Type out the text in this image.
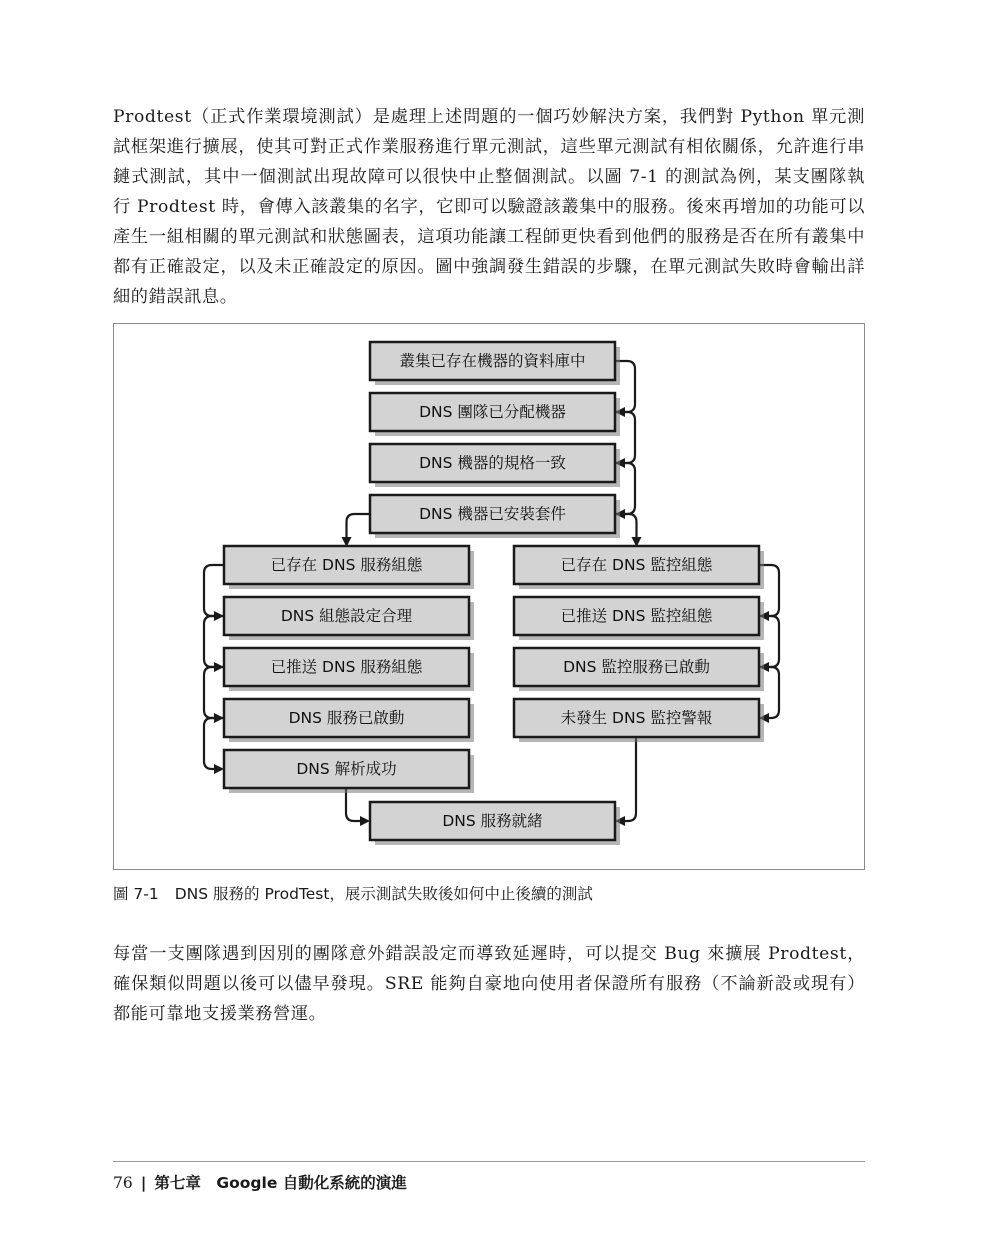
Prodtest（正式作業環境測試）是處理上述問題的一個巧妙解決方案，我們對 Python 單元測試框架進行擴展，使其可對正式作業服務進行單元測試，這些單元測試有相依關係，允許進行串鏈式測試，其中一個測試出現故障可以很快中止整個測試。以圖 7-1 的測試為例，某支團隊執行 Prodtest 時，會傳入該叢集的名字，它即可以驗證該叢集中的服務。後來再增加的功能可以產生一組相關的單元測試和狀態圖表，這項功能讓工程師更快看到他們的服務是否在所有叢集中都有正確設定，以及未正確設定的原因。圖中強調發生錯誤的步驟，在單元測試失敗時會輸出詳細的錯誤訊息。

叢集已存在機器的資料庫中
DNS 團隊已分配機器
DNS 機器的規格一致
DNS 機器已安裝套件
已存在 DNS 服務組態
DNS 組態設定合理
已推送 DNS 服務組態
DNS 服務已啟動
DNS 解析成功
已存在 DNS 監控組態
已推送 DNS 監控組態
DNS 監控服務已啟動
未發生 DNS 監控警報
DNS 服務就緒
圖 7-1 DNS 服務的 ProdTest，展示測試失敗後如何中止後續的測試

每當一支團隊遇到因別的團隊意外錯誤設定而導致延遲時，可以提交 Bug 來擴展 Prodtest，確保類似問題以後可以儘早發現。SRE 能夠自豪地向使用者保證所有服務（不論新設或現有）都能可靠地支援業務營運。

76 | 第七章　Google 自動化系統的演進
